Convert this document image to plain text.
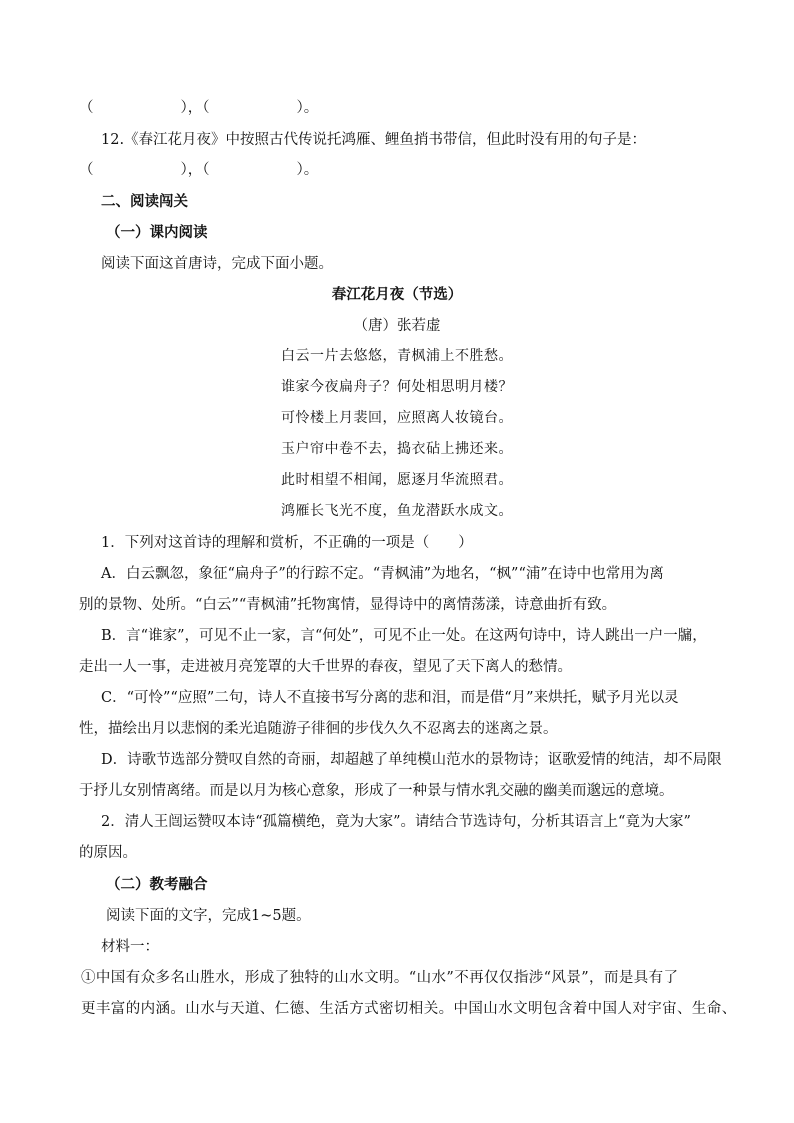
（　　　　　　），（　　　　　　）。
12.《春江花月夜》中按照古代传说托鸿雁、鲤鱼捎书带信，但此时没有用的句子是：
（　　　　　　），（　　　　　　）。
二、阅读闯关
（一）课内阅读
阅读下面这首唐诗，完成下面小题。
春江花月夜（节选）
（唐）张若虚
白云一片去悠悠，青枫浦上不胜愁。
谁家今夜扁舟子？何处相思明月楼？
可怜楼上月裴回，应照离人妆镜台。
玉户帘中卷不去，捣衣砧上拂还来。
此时相望不相闻，愿逐月华流照君。
鸿雁长飞光不度，鱼龙潜跃水成文。
1．下列对这首诗的理解和赏析，不正确的一项是（　　）
A．白云飘忽，象征“扁舟子”的行踪不定。“青枫浦”为地名，“枫”“浦”在诗中也常用为离
别的景物、处所。“白云”“青枫浦”托物寓情，显得诗中的离情荡漾，诗意曲折有致。
B．言“谁家”，可见不止一家，言“何处”，可见不止一处。在这两句诗中，诗人跳出一户一牖，
走出一人一事，走进被月亮笼罩的大千世界的春夜，望见了天下离人的愁情。
C．“可怜”“应照”二句，诗人不直接书写分离的悲和泪，而是借“月”来烘托，赋予月光以灵
性，描绘出月以悲悯的柔光追随游子徘徊的步伐久久不忍离去的迷离之景。
D．诗歌节选部分赞叹自然的奇丽，却超越了单纯模山范水的景物诗；讴歌爱情的纯洁，却不局限
于抒儿女别情离绪。而是以月为核心意象，形成了一种景与情水乳交融的幽美而邈远的意境。
2．清人王闿运赞叹本诗“孤篇横绝，竟为大家”。请结合节选诗句，分析其语言上“竟为大家”
的原因。
（二）教考融合
阅读下面的文字，完成1~5题。
材料一：
①中国有众多名山胜水，形成了独特的山水文明。“山水”不再仅仅指涉“风景”，而是具有了
更丰富的内涵。山水与天道、仁德、生活方式密切相关。中国山水文明包含着中国人对宇宙、生命、
